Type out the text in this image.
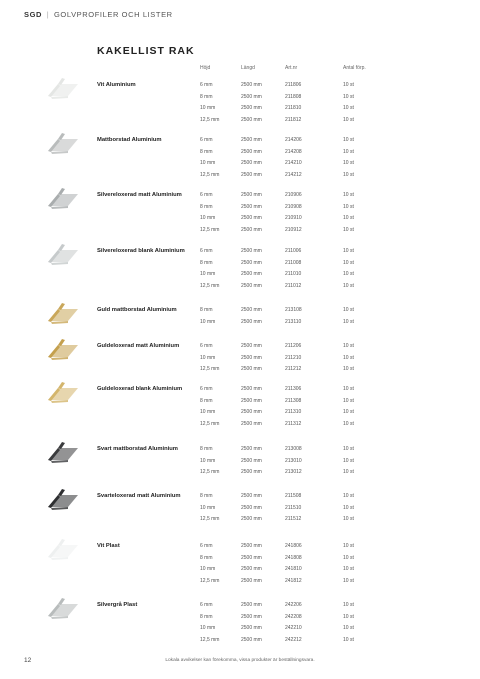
SGD | GOLVPROFILER OCH LISTER
KAKELLIST RAK
Höjd	Längd	Art.nr	Antal förp.
Vit Aluminium	6 mm	2500 mm	211806	10 st
8 mm	2500 mm	211808	10 st
10 mm	2500 mm	211810	10 st
12,5 mm	2500 mm	211812	10 st
Mattborstad Aluminium	6 mm	2500 mm	214206	10 st
8 mm	2500 mm	214208	10 st
10 mm	2500 mm	214210	10 st
12,5 mm	2500 mm	214212	10 st
Silvereloxerad matt Aluminium	6 mm	2500 mm	210906	10 st
8 mm	2500 mm	210908	10 st
10 mm	2500 mm	210910	10 st
12,5 mm	2500 mm	210912	10 st
Silvereloxerad blank Aluminium	6 mm	2500 mm	211006	10 st
8 mm	2500 mm	211008	10 st
10 mm	2500 mm	211010	10 st
12,5 mm	2500 mm	211012	10 st
Guld mattborstad Aluminium	8 mm	2500 mm	213108	10 st
10 mm	2500 mm	213110	10 st
Guldeloxerad matt Aluminium	6 mm	2500 mm	211206	10 st
10 mm	2500 mm	211210	10 st
12,5 mm	2500 mm	211212	10 st
Guldeloxerad blank Aluminium	6 mm	2500 mm	211306	10 st
8 mm	2500 mm	211308	10 st
10 mm	2500 mm	211310	10 st
12,5 mm	2500 mm	211312	10 st
Svart mattborstad Aluminium	8 mm	2500 mm	213008	10 st
10 mm	2500 mm	213010	10 st
12,5 mm	2500 mm	213012	10 st
Svarteloxerad matt Aluminium	8 mm	2500 mm	211508	10 st
10 mm	2500 mm	211510	10 st
12,5 mm	2500 mm	211512	10 st
Vit Plast	6 mm	2500 mm	241806	10 st
8 mm	2500 mm	241808	10 st
10 mm	2500 mm	241810	10 st
12,5 mm	2500 mm	241812	10 st
Silvergrå Plast	6 mm	2500 mm	242206	10 st
8 mm	2500 mm	242208	10 st
10 mm	2500 mm	242210	10 st
12,5 mm	2500 mm	242212	10 st
12	Lokala avvikelser kan förekomma, vissa produkter är beställningsvara.
